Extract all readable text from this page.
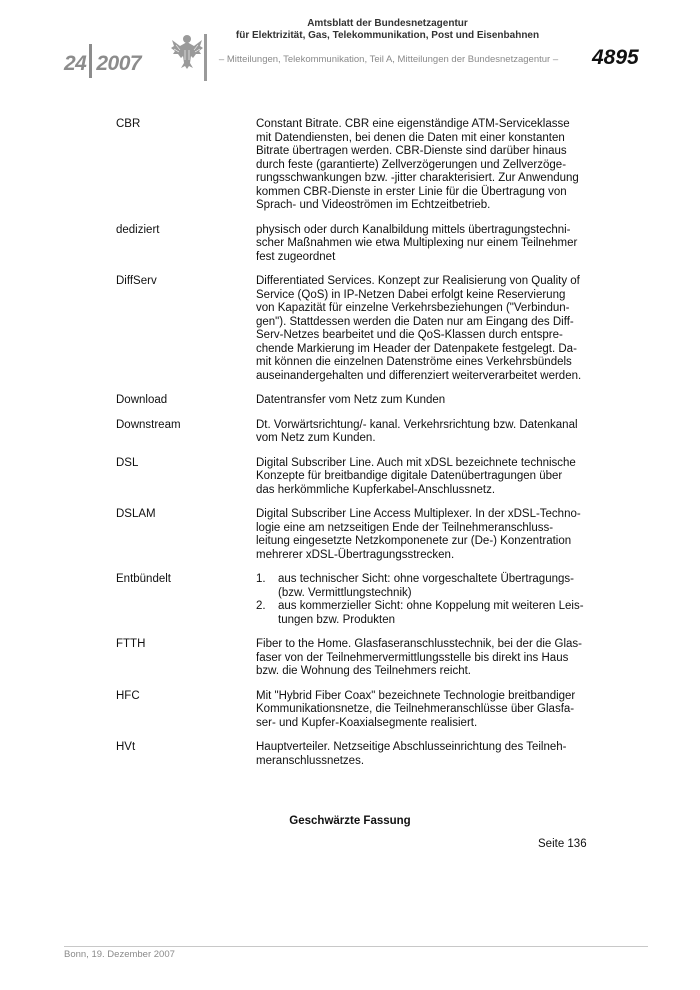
24 2007
Amtsblatt der Bundesnetzagentur
für Elektrizität, Gas, Telekommunikation, Post und Eisenbahnen
– Mitteilungen, Telekommunikation, Teil A, Mitteilungen der Bundesnetzagentur – 4895
CBR	Constant Bitrate. CBR eine eigenständige ATM-Serviceklasse
mit Datendiensten, bei denen die Daten mit einer konstanten
Bitrate übertragen werden. CBR-Dienste sind darüber hinaus
durch feste (garantierte) Zellverzögerungen und Zellverzöge-
rungsschwankungen bzw. -jitter charakterisiert. Zur Anwendung
kommen CBR-Dienste in erster Linie für die Übertragung von
Sprach- und Videoströmen im Echtzeitbetrieb.
dediziert	physisch oder durch Kanalbildung mittels übertragungstechni-
scher Maßnahmen wie etwa Multiplexing nur einem Teilnehmer
fest zugeordnet
DiffServ	Differentiated Services. Konzept zur Realisierung von Quality of
Service (QoS) in IP-Netzen Dabei erfolgt keine Reservierung
von Kapazität für einzelne Verkehrsbeziehungen ("Verbindun-
gen"). Stattdessen werden die Daten nur am Eingang des Diff-
Serv-Netzes bearbeitet und die QoS-Klassen durch entspre-
chende Markierung im Header der Datenpakete festgelegt. Da-
mit können die einzelnen Datenströme eines Verkehrsbündels
auseinandergehalten und differenziert weiterverarbeitet werden.
Download	Datentransfer vom Netz zum Kunden
Downstream	Dt. Vorwärtsrichtung/- kanal. Verkehrsrichtung bzw. Datenkanal
vom Netz zum Kunden.
DSL	Digital Subscriber Line. Auch mit xDSL bezeichnete technische
Konzepte für breitbandige digitale Datenübertragungen über
das herkömmliche Kupferkabel-Anschlussnetz.
DSLAM	Digital Subscriber Line Access Multiplexer. In der xDSL-Techno-
logie eine am netzseitigen Ende der Teilnehmeranschluss-
leitung eingesetzte Netzkomponenete zur (De-) Konzentration
mehrerer xDSL-Übertragungsstrecken.
Entbündelt	1. aus technischer Sicht: ohne vorgeschaltete Übertragungs-
(bzw. Vermittlungstechnik)
2. aus kommerzieller Sicht: ohne Koppelung mit weiteren Leis-
tungen bzw. Produkten
FTTH	Fiber to the Home. Glasfaseranschlusstechnik, bei der die Glas-
faser von der Teilnehmervermittlungsstelle bis direkt ins Haus
bzw. die Wohnung des Teilnehmers reicht.
HFC	Mit "Hybrid Fiber Coax" bezeichnete Technologie breitbandiger
Kommunikationsnetze, die Teilnehmeranschlüsse über Glasfa-
ser- und Kupfer-Koaxialsegmente realisiert.
HVt	Hauptverteiler. Netzseitige Abschlusseinrichtung des Teilneh-
meranschlussnetzes.
Geschwärzte Fassung
Seite 136
Bonn, 19. Dezember 2007
